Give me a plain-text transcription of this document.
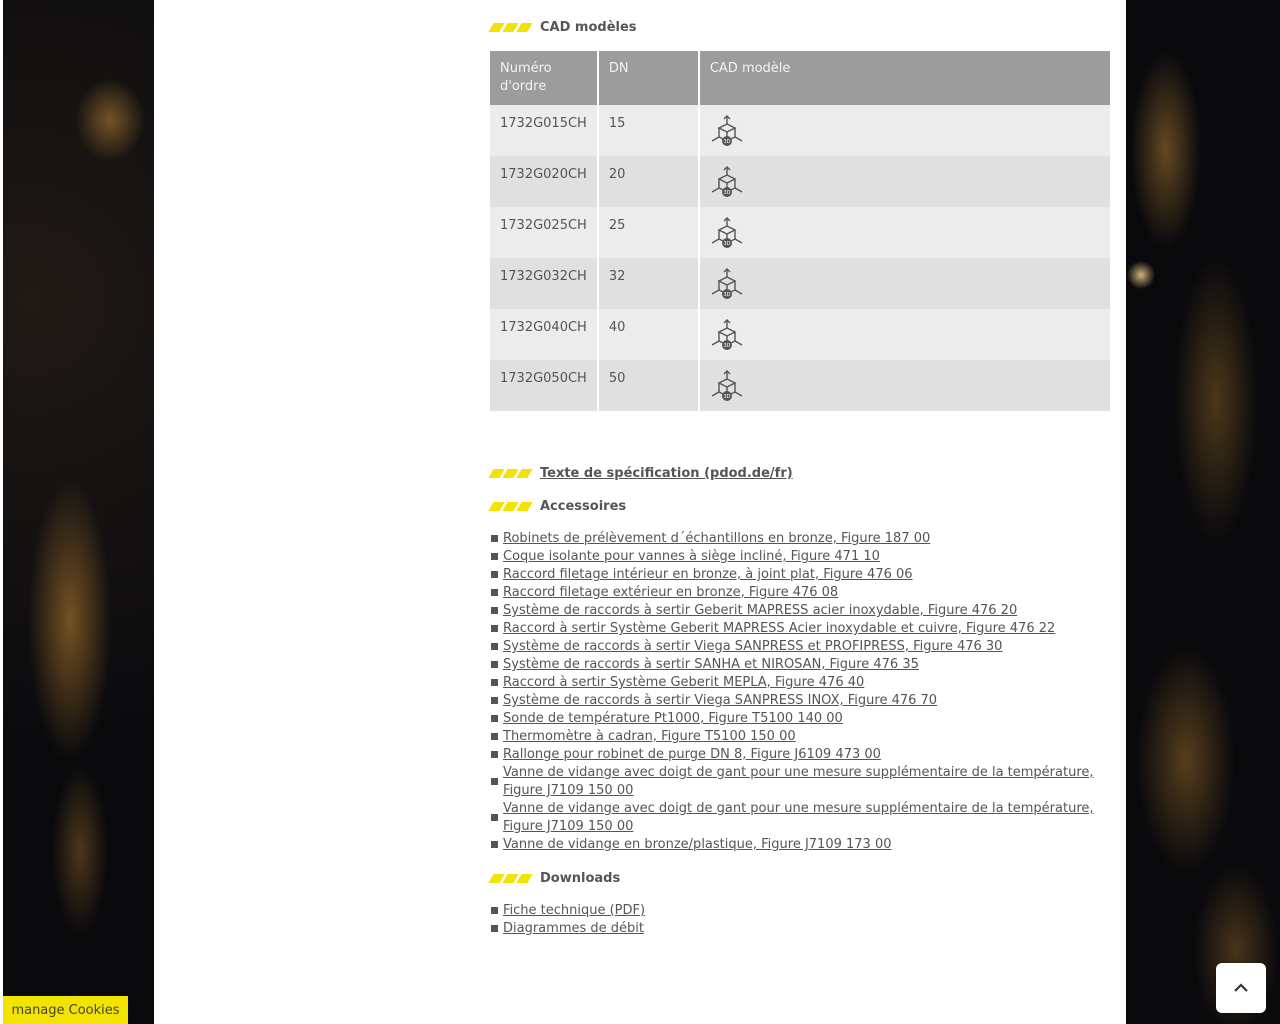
CAD modèles
Numéro d'ordre	DN	CAD modèle
1732G015CH	15	3D

1732G020CH	20	3D

1732G025CH	25	3D

1732G032CH	32	3D

1732G040CH	40	3D

1732G050CH	50	3D
Texte de spécification (pdod.de/fr)
Accessoires
Robinets de prélèvement d´échantillons en bronze, Figure 187 00
Coque isolante pour vannes à siège incliné, Figure 471 10
Raccord filetage intérieur en bronze, à joint plat, Figure 476 06
Raccord filetage extérieur en bronze, Figure 476 08
Système de raccords à sertir Geberit MAPRESS acier inoxydable, Figure 476 20
Raccord à sertir Système Geberit MAPRESS Acier inoxydable et cuivre, Figure 476 22
Système de raccords à sertir Viega SANPRESS et PROFIPRESS, Figure 476 30
Système de raccords à sertir SANHA et NIROSAN, Figure 476 35
Raccord à sertir Système Geberit MEPLA, Figure 476 40
Système de raccords à sertir Viega SANPRESS INOX, Figure 476 70
Sonde de température Pt1000, Figure T5100 140 00
Thermomètre à cadran, Figure T5100 150 00
Rallonge pour robinet de purge DN 8, Figure J6109 473 00
Vanne de vidange avec doigt de gant pour une mesure supplémentaire de la température, Figure J7109 150 00
Vanne de vidange avec doigt de gant pour une mesure supplémentaire de la température, Figure J7109 150 00
Vanne de vidange en bronze/plastique, Figure J7109 173 00
Downloads
Fiche technique (PDF)
Diagrammes de débit
manage Cookies
